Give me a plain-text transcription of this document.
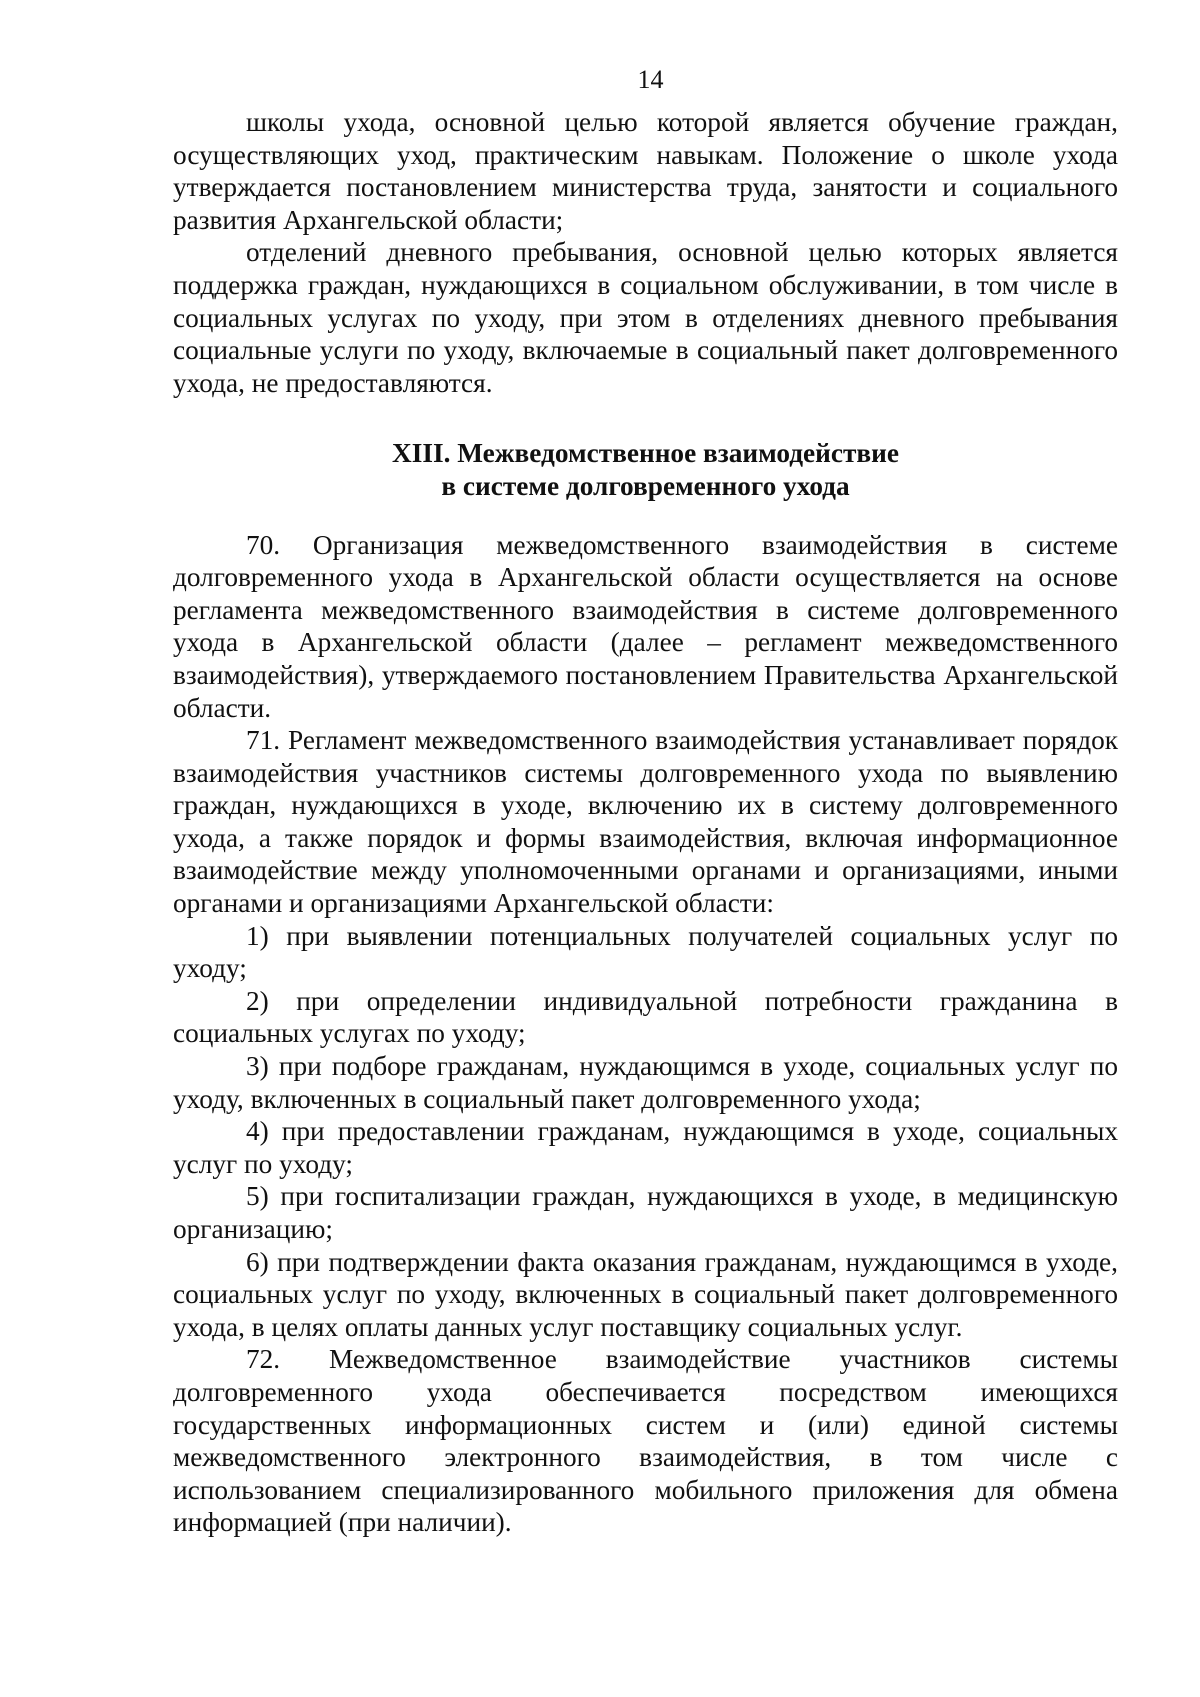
14

школы ухода, основной целью которой является обучение граждан, осуществляющих уход, практическим навыкам. Положение о школе ухода утверждается постановлением министерства труда, занятости и социального развития Архангельской области;

отделений дневного пребывания, основной целью которых является поддержка граждан, нуждающихся в социальном обслуживании, в том числе в социальных услугах по уходу, при этом в отделениях дневного пребывания социальные услуги по уходу, включаемые в социальный пакет долговременного ухода, не предоставляются.

XIII. Межведомственное взаимодействие
в системе долговременного ухода

70. Организация межведомственного взаимодействия в системе долговременного ухода в Архангельской области осуществляется на основе регламента межведомственного взаимодействия в системе долговременного ухода в Архангельской области (далее – регламент межведомственного взаимодействия), утверждаемого постановлением Правительства Архангельской области.

71. Регламент межведомственного взаимодействия устанавливает порядок взаимодействия участников системы долговременного ухода по выявлению граждан, нуждающихся в уходе, включению их в систему долговременного ухода, а также порядок и формы взаимодействия, включая информационное взаимодействие между уполномоченными органами и организациями, иными органами и организациями Архангельской области:

1) при выявлении потенциальных получателей социальных услуг по уходу;

2) при определении индивидуальной потребности гражданина в социальных услугах по уходу;

3) при подборе гражданам, нуждающимся в уходе, социальных услуг по уходу, включенных в социальный пакет долговременного ухода;

4) при предоставлении гражданам, нуждающимся в уходе, социальных услуг по уходу;

5) при госпитализации граждан, нуждающихся в уходе, в медицинскую организацию;

6) при подтверждении факта оказания гражданам, нуждающимся в уходе, социальных услуг по уходу, включенных в социальный пакет долговременного ухода, в целях оплаты данных услуг поставщику социальных услуг.

72. Межведомственное взаимодействие участников системы долговременного ухода обеспечивается посредством имеющихся государственных информационных систем и (или) единой системы межведомственного электронного взаимодействия, в том числе с использованием специализированного мобильного приложения для обмена информацией (при наличии).
